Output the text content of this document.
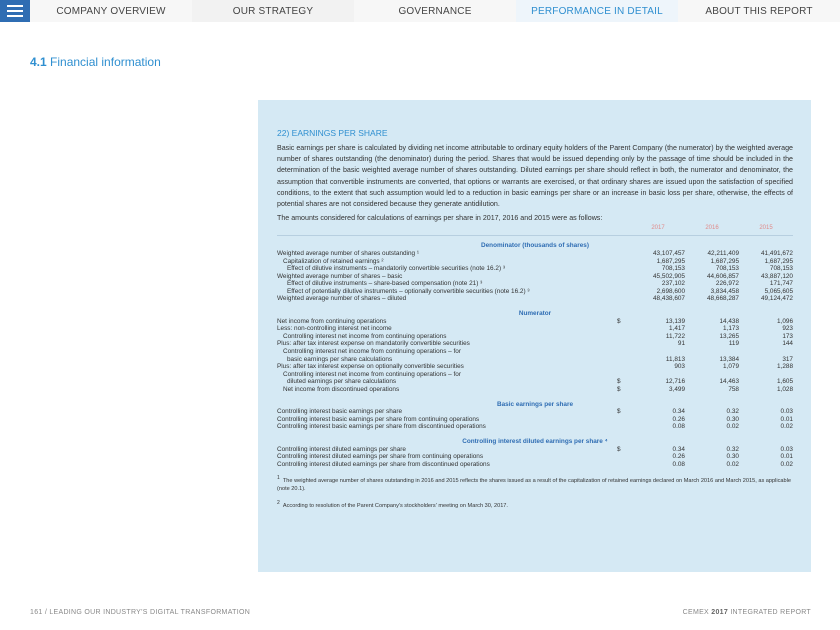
COMPANY OVERVIEW	OUR STRATEGY	GOVERNANCE	PERFORMANCE IN DETAIL	ABOUT THIS REPORT
4.1 Financial information
22) EARNINGS PER SHARE
Basic earnings per share is calculated by dividing net income attributable to ordinary equity holders of the Parent Company (the numerator) by the weighted average number of shares outstanding (the denominator) during the period. Shares that would be issued depending only by the passage of time should be included in the determination of the basic weighted average number of shares outstanding. Diluted earnings per share should reflect in both, the numerator and denominator, the assumption that convertible instruments are converted, that options or warrants are exercised, or that ordinary shares are issued upon the satisfaction of specified conditions, to the extent that such assumption would led to a reduction in basic earnings per share or an increase in basic loss per share, otherwise, the effects of potential shares are not considered because they generate antidilution.
The amounts considered for calculations of earnings per share in 2017, 2016 and 2015 were as follows:
		2017	2016	2015

Denominator (thousands of shares)				
Weighted average number of shares outstanding ¹		43,107,457	42,211,409	41,491,672
Capitalization of retained earnings ²		1,687,295	1,687,295	1,687,295
Effect of dilutive instruments – mandatorily convertible securities (note 16.2) ³		708,153	708,153	708,153
Weighted average number of shares – basic		45,502,905	44,606,857	43,887,120
Effect of dilutive instruments – share-based compensation (note 21) ³		237,102	226,972	171,747
Effect of potentially dilutive instruments – optionally convertible securities (note 16.2) ³		2,698,600	3,834,458	5,065,605
Weighted average number of shares – diluted		48,438,607	48,668,287	49,124,472

Numerator				
Net income from continuing operations	$	13,139	14,438	1,096
Less: non-controlling interest net income		1,417	1,173	923
Controlling interest net income from continuing operations		11,722	13,265	173
Plus: after tax interest expense on mandatorily convertible securities		91	119	144
Controlling interest net income from continuing operations – for				
basic earnings per share calculations		11,813	13,384	317
Plus: after tax interest expense on optionally convertible securities		903	1,079	1,288
Controlling interest net income from continuing operations – for				
diluted earnings per share calculations	$	12,716	14,463	1,605
Net income from discontinued operations	$	3,499	758	1,028

Basic earnings per share				
Controlling interest basic earnings per share	$	0.34	0.32	0.03
Controlling interest basic earnings per share from continuing operations		0.26	0.30	0.01
Controlling interest basic earnings per share from discontinued operations		0.08	0.02	0.02

Controlling interest diluted earnings per share ⁴				
Controlling interest diluted earnings per share	$	0.34	0.32	0.03
Controlling interest diluted earnings per share from continuing operations		0.26	0.30	0.01
Controlling interest diluted earnings per share from discontinued operations		0.08	0.02	0.02
$^1$ The weighted average number of shares outstanding in 2016 and 2015 reflects the shares issued as a result of the capitalization of retained earnings declared on March 2016 and March 2015, as applicable (note 20.1).
$^2$ According to resolution of the Parent Company's stockholders' meeting on March 30, 2017.
161 / LEADING OUR INDUSTRY'S DIGITAL TRANSFORMATION	CEMEX 2017 INTEGRATED REPORT
